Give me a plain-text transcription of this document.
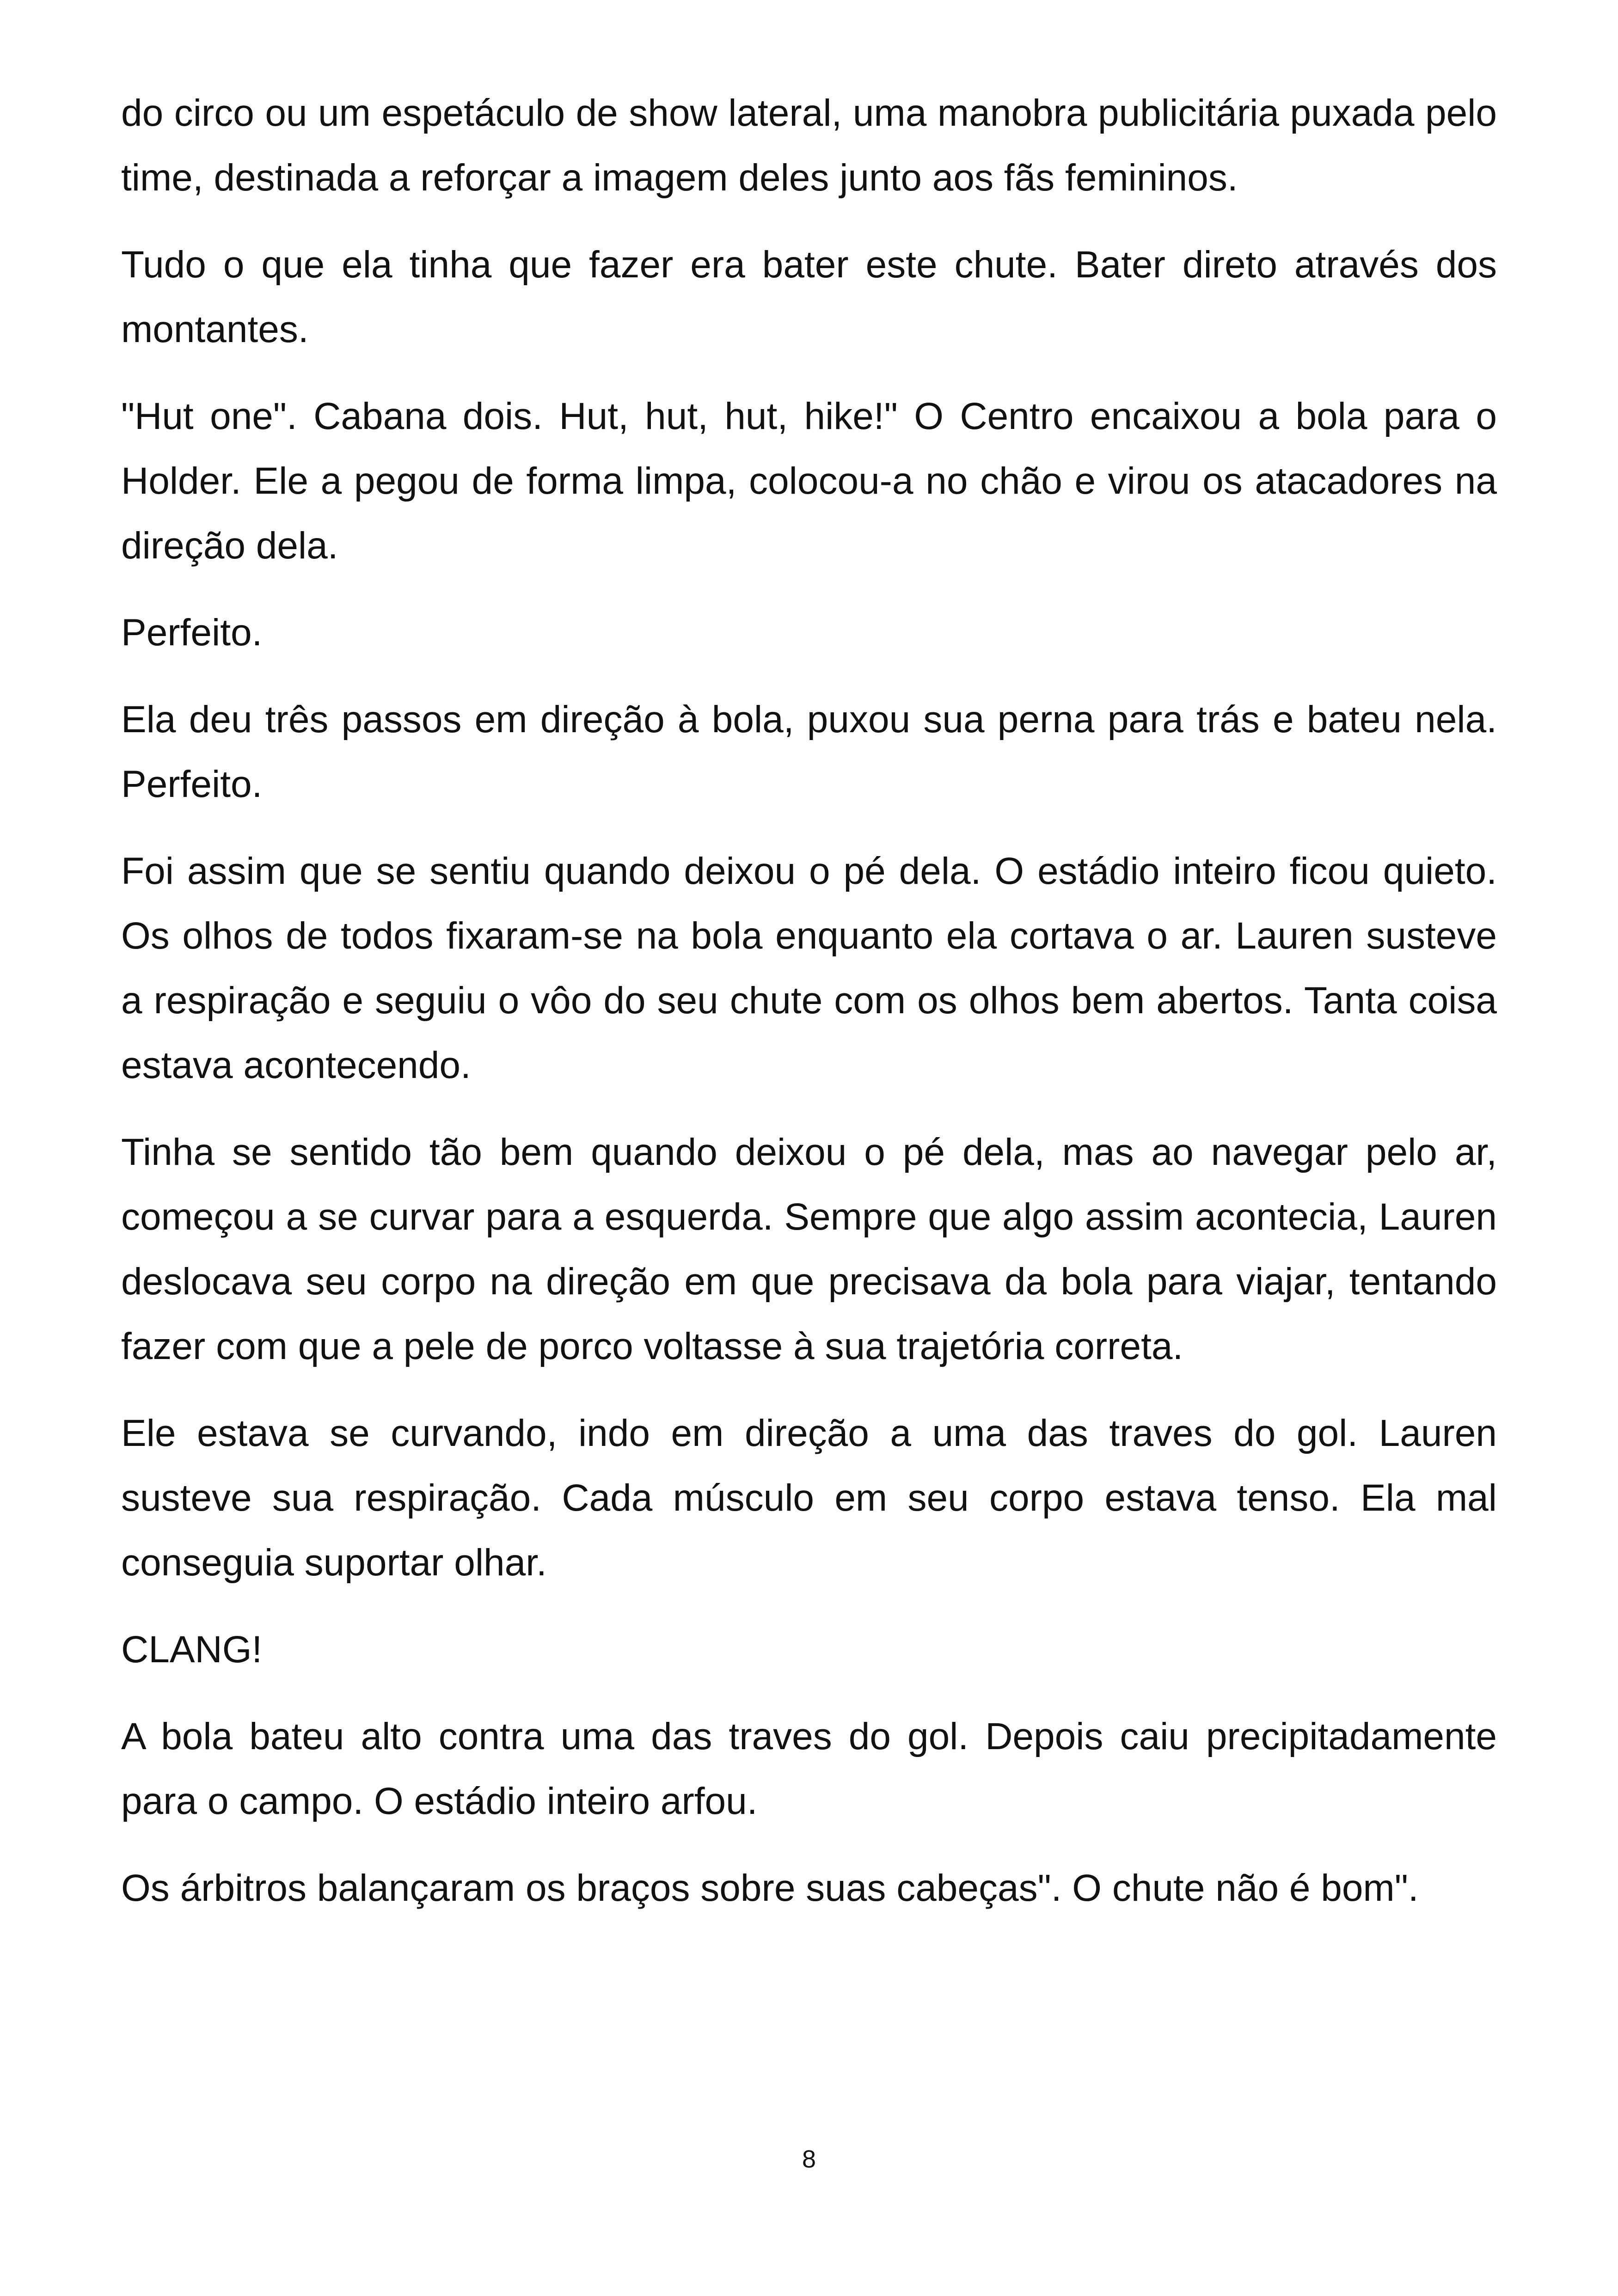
do circo ou um espetáculo de show lateral, uma manobra publicitária puxada pelo time, destinada a reforçar a imagem deles junto aos fãs femininos.

Tudo o que ela tinha que fazer era bater este chute. Bater direto através dos montantes.

"Hut one". Cabana dois. Hut, hut, hut, hike!" O Centro encaixou a bola para o Holder. Ele a pegou de forma limpa, colocou-a no chão e virou os atacadores na direção dela.

Perfeito.

Ela deu três passos em direção à bola, puxou sua perna para trás e bateu nela. Perfeito.

Foi assim que se sentiu quando deixou o pé dela. O estádio inteiro ficou quieto. Os olhos de todos fixaram-se na bola enquanto ela cortava o ar. Lauren susteve a respiração e seguiu o vôo do seu chute com os olhos bem abertos. Tanta coisa estava acontecendo.

Tinha se sentido tão bem quando deixou o pé dela, mas ao navegar pelo ar, começou a se curvar para a esquerda. Sempre que algo assim acontecia, Lauren deslocava seu corpo na direção em que precisava da bola para viajar, tentando fazer com que a pele de porco voltasse à sua trajetória correta.

Ele estava se curvando, indo em direção a uma das traves do gol. Lauren susteve sua respiração. Cada músculo em seu corpo estava tenso. Ela mal conseguia suportar olhar.

CLANG!

A bola bateu alto contra uma das traves do gol. Depois caiu precipitadamente para o campo. O estádio inteiro arfou.

Os árbitros balançaram os braços sobre suas cabeças". O chute não é bom".

8
